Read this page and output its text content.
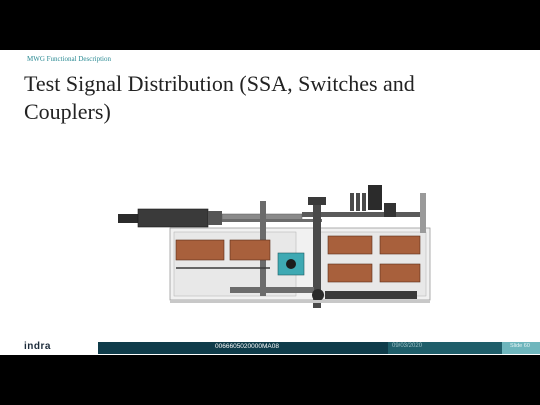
MWG Functional Description
Test Signal Distribution (SSA, Switches and Couplers)
indra	0066605020000MA08	09/03/2020	Slide 60
